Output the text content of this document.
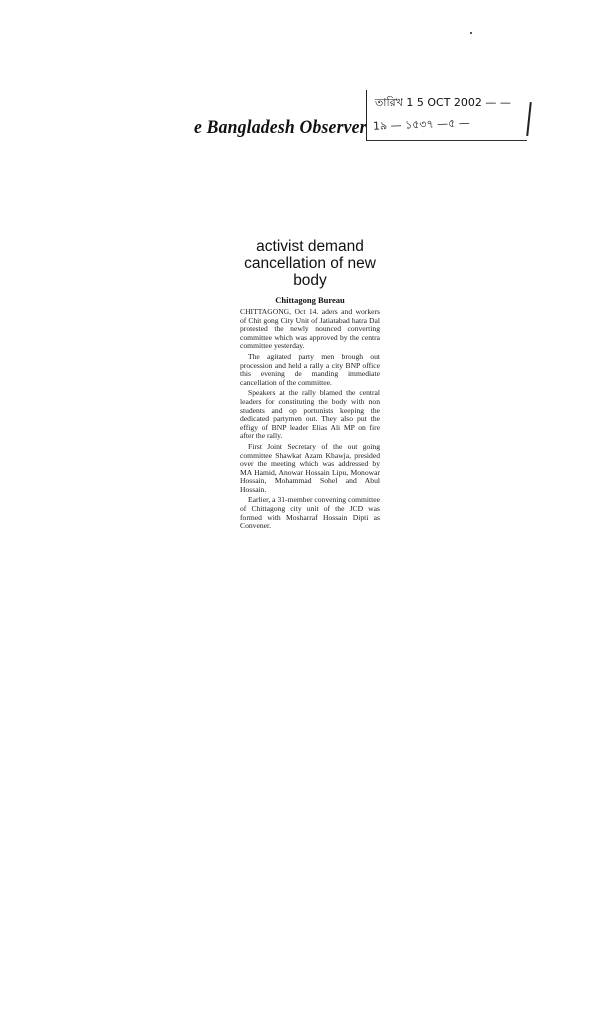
e Bangladesh Observer
তারিখ 1 5 OCT 2002 — —
1৯ — ১৫৩৭ —৫ —
activist demand cancellation of new body
Chittagong Bureau

CHITTAGONG, Oct 14. aders and workers of Chit gong City Unit of Jatiatabad hatra Dal protested the newly nounced converting committee which was approved by the centra committee yesterday.

The agitated party men brough out procession and held a rally a city BNP office this evening de manding immediate cancellation of the committee.

Speakers at the rally blamed the central leaders for constituting the body with non students and op portunists keeping the dedicated partymen out. They also put the effigy of BNP leader Elias Ali MP on fire after the rally.

First Joint Secretary of the out going committee Shawkat Azam Khawja, presided over the meeting which was addressed by MA Hamid, Anowar Hossain Lipu, Monowar Hossain, Mohammad Sohel and Abul Hossain.

Earlier, a 31-member convening committee of Chittagong city unit of the JCD was formed with Mosharraf Hossain Dipti as Convener.
